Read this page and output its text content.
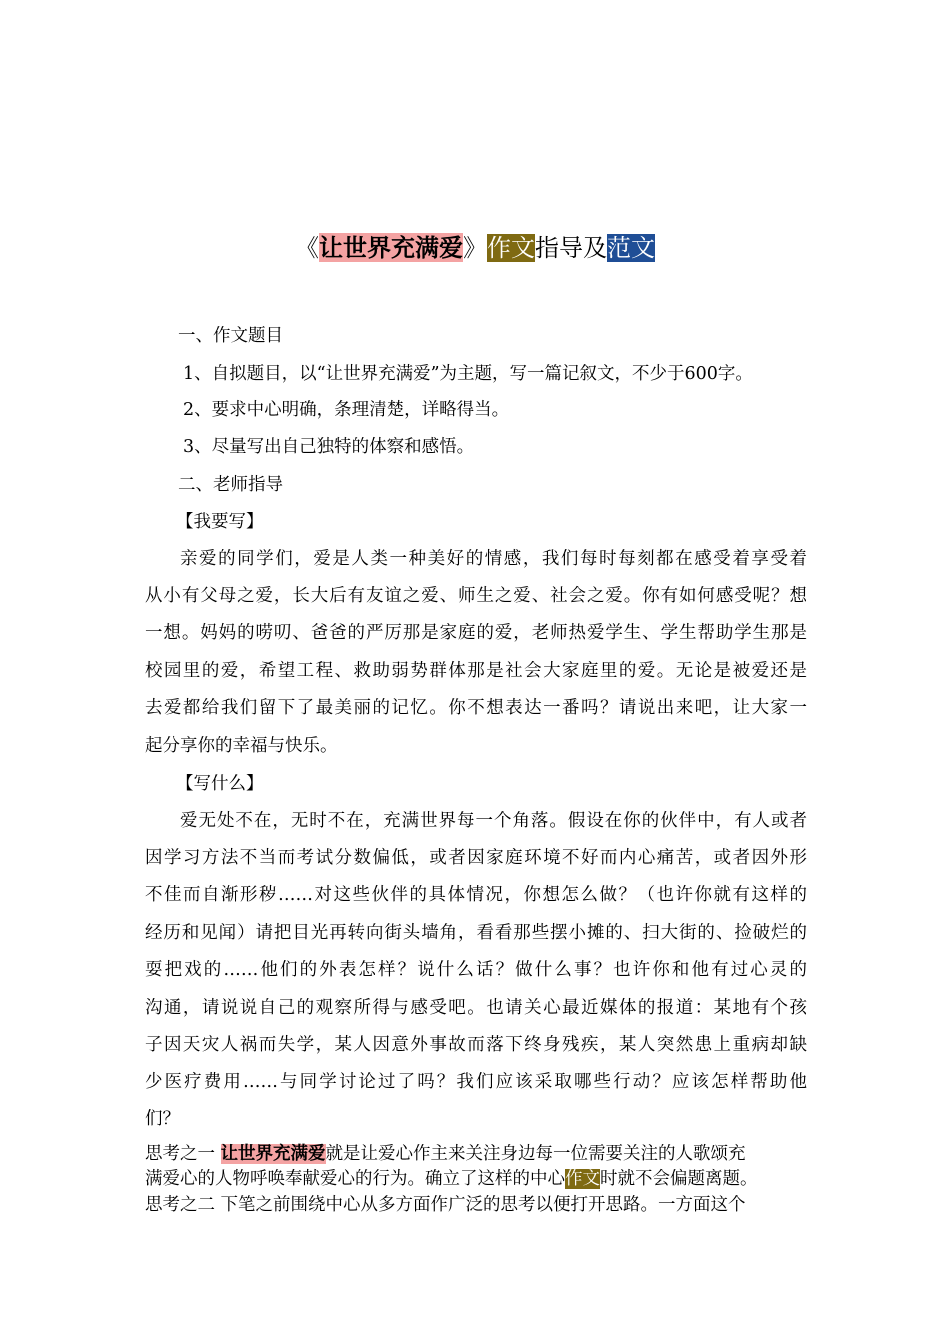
《让世界充满爱》作文指导及范文
一、作文题目
1、自拟题目，以“让世界充满爱”为主题，写一篇记叙文，不少于600字。
2、要求中心明确，条理清楚，详略得当。
3、尽量写出自己独特的体察和感悟。
二、老师指导
【我要写】
亲爱的同学们，爱是人类一种美好的情感，我们每时每刻都在感受着享受着
从小有父母之爱，长大后有友谊之爱、师生之爱、社会之爱。你有如何感受呢？想
一想。妈妈的唠叨、爸爸的严厉那是家庭的爱，老师热爱学生、学生帮助学生那是
校园里的爱，希望工程、救助弱势群体那是社会大家庭里的爱。无论是被爱还是
去爱都给我们留下了最美丽的记忆。你不想表达一番吗？请说出来吧，让大家一
起分享你的幸福与快乐。
【写什么】
爱无处不在，无时不在，充满世界每一个角落。假设在你的伙伴中，有人或者
因学习方法不当而考试分数偏低，或者因家庭环境不好而内心痛苦，或者因外形
不佳而自渐形秽……对这些伙伴的具体情况，你想怎么做？（也许你就有这样的
经历和见闻）请把目光再转向街头墙角，看看那些摆小摊的、扫大街的、捡破烂的
耍把戏的……他们的外表怎样？说什么话？做什么事？也许你和他有过心灵的
沟通，请说说自己的观察所得与感受吧。也请关心最近媒体的报道：某地有个孩
子因天灾人祸而失学，某人因意外事故而落下终身残疾，某人突然患上重病却缺
少医疗费用……与同学讨论过了吗？我们应该采取哪些行动？应该怎样帮助他
们？
思考之一 让世界充满爱就是让爱心作主来关注身边每一位需要关注的人歌颂充
满爱心的人物呼唤奉献爱心的行为。确立了这样的中心作文时就不会偏题离题。
思考之二 下笔之前围绕中心从多方面作广泛的思考以便打开思路。一方面这个
